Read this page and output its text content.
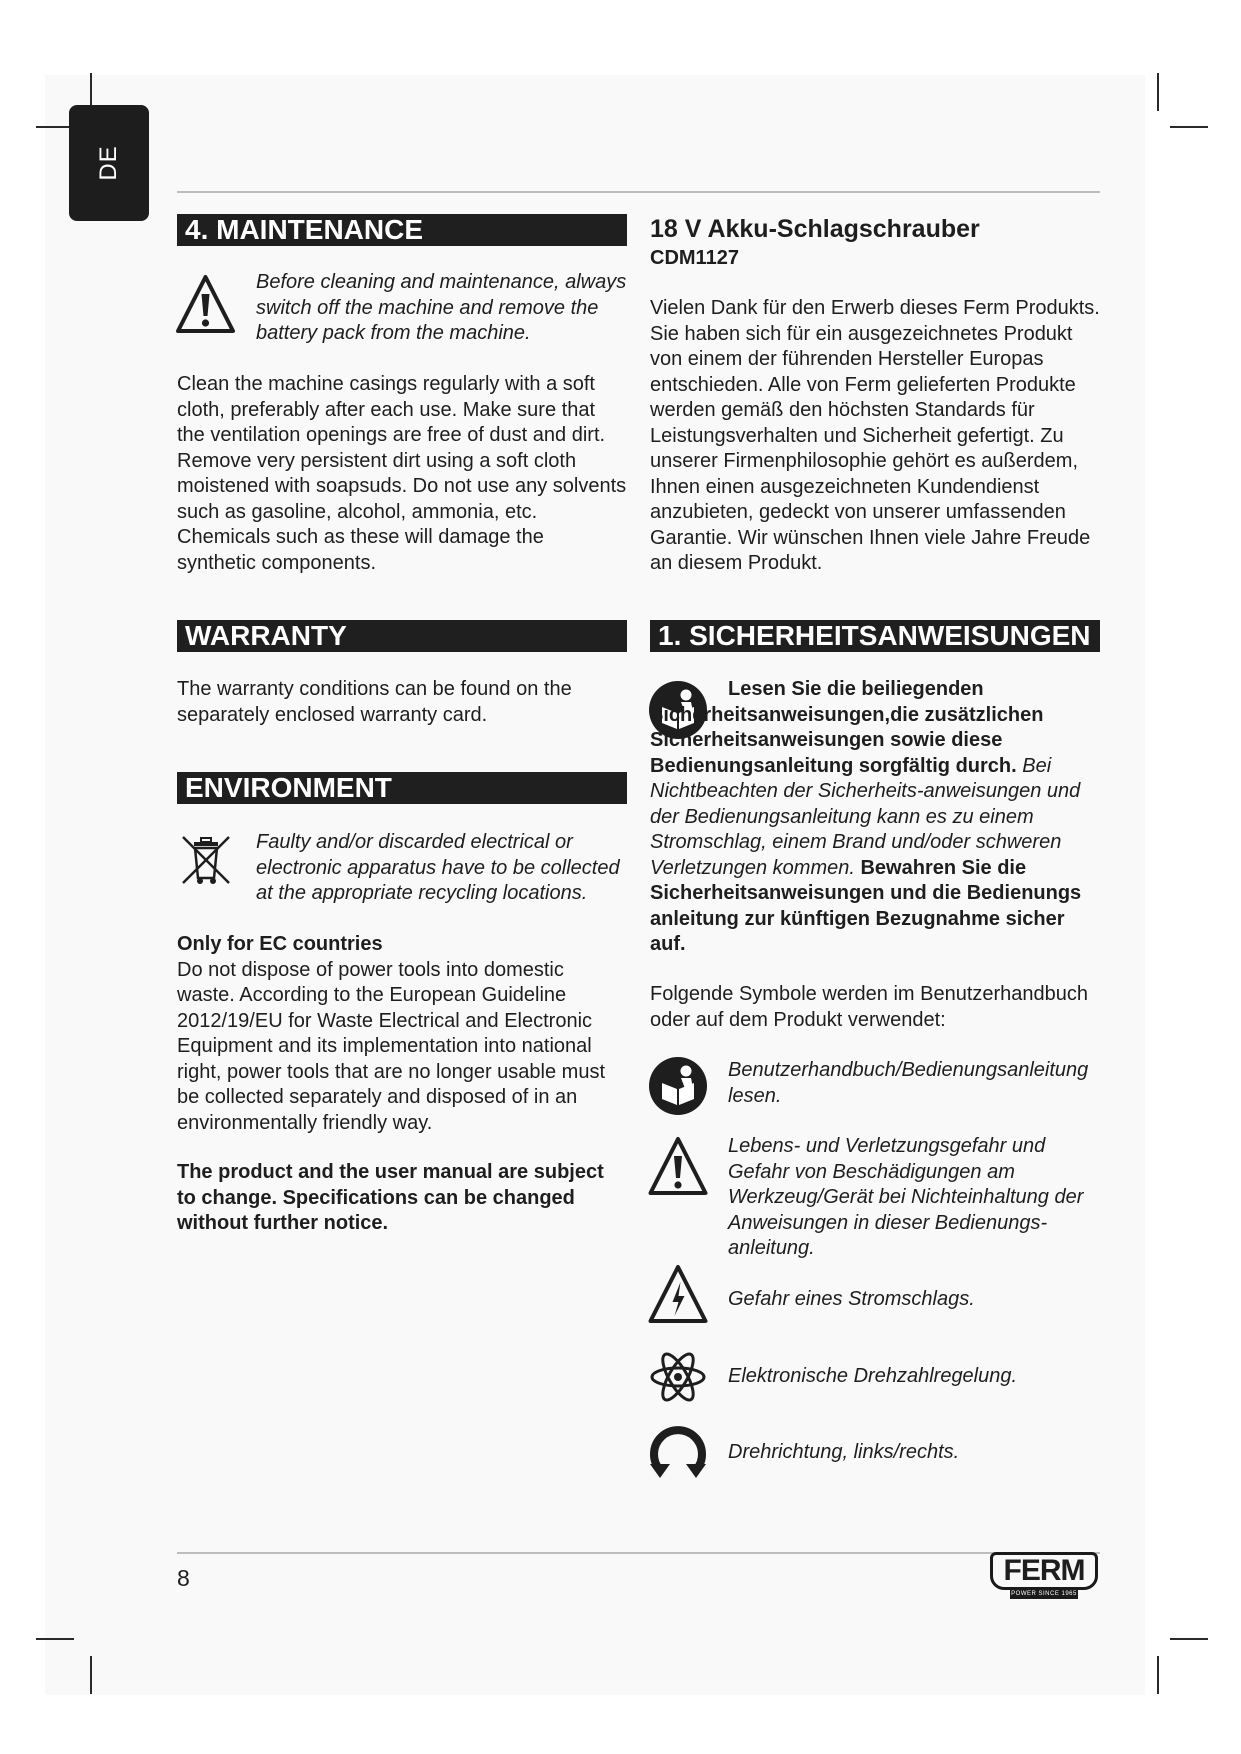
DE
4. MAINTENANCE

Before cleaning and maintenance, always switch off the machine and remove the battery pack from the machine.

Clean the machine casings regularly with a soft cloth, preferably after each use. Make sure that the ventilation openings are free of dust and dirt. Remove very persistent dirt using a soft cloth moistened with soapsuds. Do not use any solvents such as gasoline, alcohol, ammonia, etc. Chemicals such as these will damage the synthetic components.

WARRANTY

The warranty conditions can be found on the separately enclosed warranty card.

ENVIRONMENT

Faulty and/or discarded electrical or electronic apparatus have to be collected at the appropriate recycling locations.

Only for EC countries

Do not dispose of power tools into domestic waste. According to the European Guideline 2012/19/EU for Waste Electrical and Electronic Equipment and its implementation into national right, power tools that are no longer usable must be collected separately and disposed of in an environmentally friendly way.

The product and the user manual are subject to change. Specifications can be changed without further notice.

18 V Akku-Schlagschrauber

CDM1127

Vielen Dank für den Erwerb dieses Ferm Produkts. Sie haben sich für ein ausgezeichnetes Produkt von einem der führenden Hersteller Europas entschieden. Alle von Ferm gelieferten Produkte werden gemäß den höchsten Standards für Leistungsverhalten und Sicherheit gefertigt. Zu unserer Firmenphilosophie gehört es außerdem, Ihnen einen ausgezeichneten Kundendienst anzubieten, gedeckt von unserer umfassenden Garantie. Wir wünschen Ihnen viele Jahre Freude an diesem Produkt.

1. SICHERHEITSANWEISUNGEN

Lesen Sie die beiliegenden Sicherheitsanweisungen,die zusätzlichen Sicherheitsanweisungen sowie diese Bedienungsanleitung sorgfältig durch. Bei Nichtbeachten der Sicherheits-anweisungen und der Bedienungsanleitung kann es zu einem Stromschlag, einem Brand und/oder schweren Verletzungen kommen. Bewahren Sie die Sicherheitsanweisungen und die Bedienungs anleitung zur künftigen Bezugnahme sicher auf.

Folgende Symbole werden im Benutzerhandbuch oder auf dem Produkt verwendet:

Benutzerhandbuch/Bedienungsanleitung lesen.

Lebens- und Verletzungsgefahr und Gefahr von Beschädigungen am Werkzeug/Gerät bei Nichteinhaltung der Anweisungen in dieser Bedienungs-anleitung.

Gefahr eines Stromschlags.

Elektronische Drehzahlregelung.

Drehrichtung, links/rechts.

8	FERM
POWER SINCE 1965
